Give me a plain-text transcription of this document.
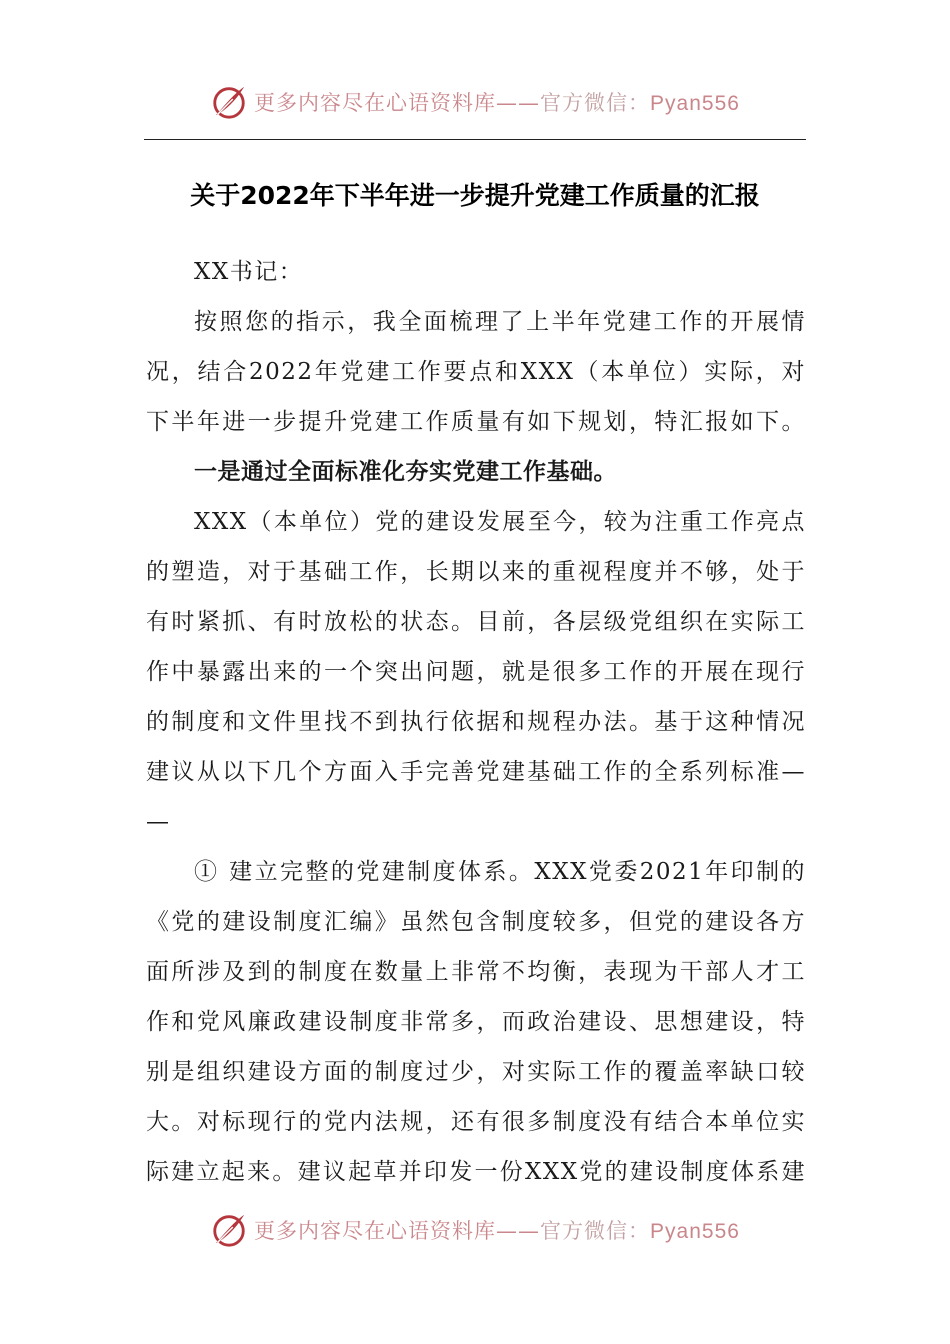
更多内容尽在心语资料库——官方微信：Pyan556
关于2022年下半年进一步提升党建工作质量的汇报
XX书记：
按照您的指示，我全面梳理了上半年党建工作的开展情
况，结合2022年党建工作要点和XXX（本单位）实际，对
下半年进一步提升党建工作质量有如下规划，特汇报如下。
一是通过全面标准化夯实党建工作基础。
XXX（本单位）党的建设发展至今，较为注重工作亮点
的塑造，对于基础工作，长期以来的重视程度并不够，处于
有时紧抓、有时放松的状态。目前，各层级党组织在实际工
作中暴露出来的一个突出问题，就是很多工作的开展在现行
的制度和文件里找不到执行依据和规程办法。基于这种情况
建议从以下几个方面入手完善党建基础工作的全系列标准—
—
① 建立完整的党建制度体系。XXX党委2021年印制的
《党的建设制度汇编》虽然包含制度较多，但党的建设各方
面所涉及到的制度在数量上非常不均衡，表现为干部人才工
作和党风廉政建设制度非常多，而政治建设、思想建设，特
别是组织建设方面的制度过少，对实际工作的覆盖率缺口较
大。对标现行的党内法规，还有很多制度没有结合本单位实
际建立起来。建议起草并印发一份XXX党的建设制度体系建
更多内容尽在心语资料库——官方微信：Pyan556
